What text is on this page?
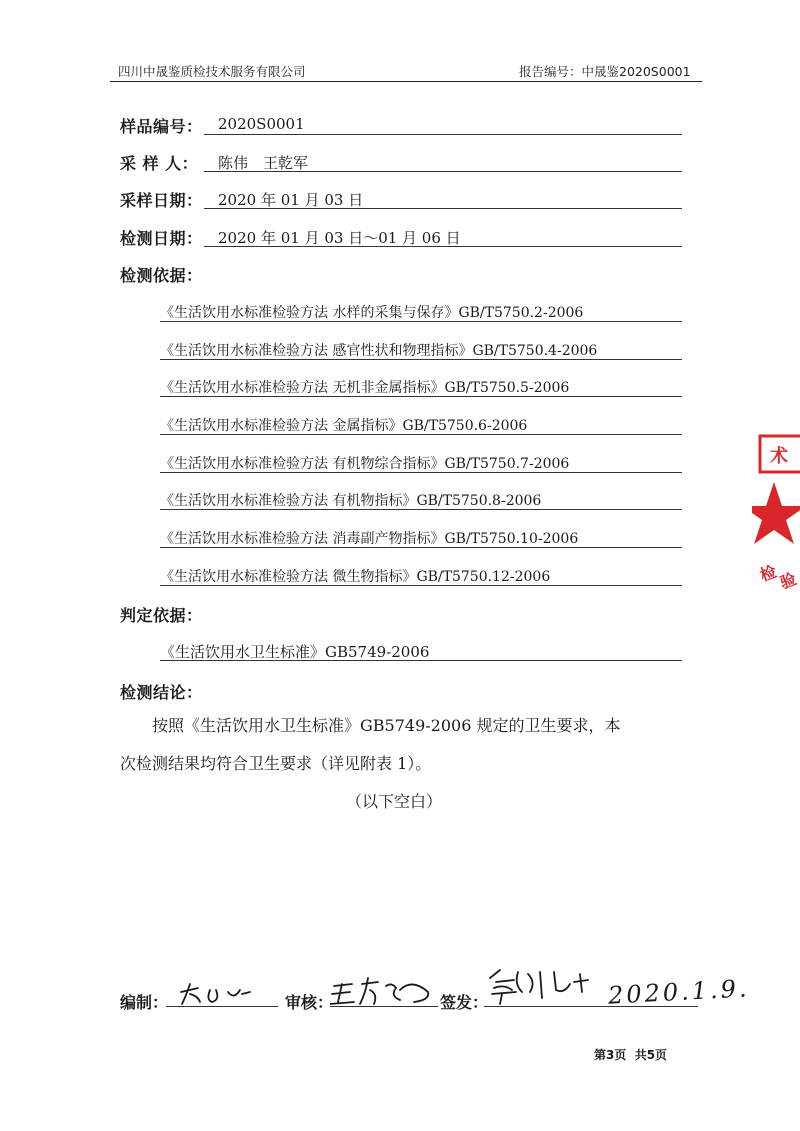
四川中晟鉴质检技术服务有限公司	报告编号：中晟鉴2020S0001
样品编号： 2020S0001
采 样 人： 陈伟　王乾军
采样日期： 2020 年 01 月 03 日
检测日期： 2020 年 01 月 03 日～01 月 06 日
检测依据：
《生活饮用水标准检验方法 水样的采集与保存》GB/T5750.2-2006
《生活饮用水标准检验方法 感官性状和物理指标》GB/T5750.4-2006
《生活饮用水标准检验方法 无机非金属指标》GB/T5750.5-2006
《生活饮用水标准检验方法 金属指标》GB/T5750.6-2006
《生活饮用水标准检验方法 有机物综合指标》GB/T5750.7-2006
《生活饮用水标准检验方法 有机物指标》GB/T5750.8-2006
《生活饮用水标准检验方法 消毒副产物指标》GB/T5750.10-2006
《生活饮用水标准检验方法 微生物指标》GB/T5750.12-2006
判定依据：
《生活饮用水卫生标准》GB5749-2006
检测结论：
按照《生活饮用水卫生标准》GB5749-2006 规定的卫生要求，本
次检测结果均符合卫生要求（详见附表 1）。
（以下空白）
编制：	审核：	签发：	2020.1.9.
第3页  共5页
术
检
验
